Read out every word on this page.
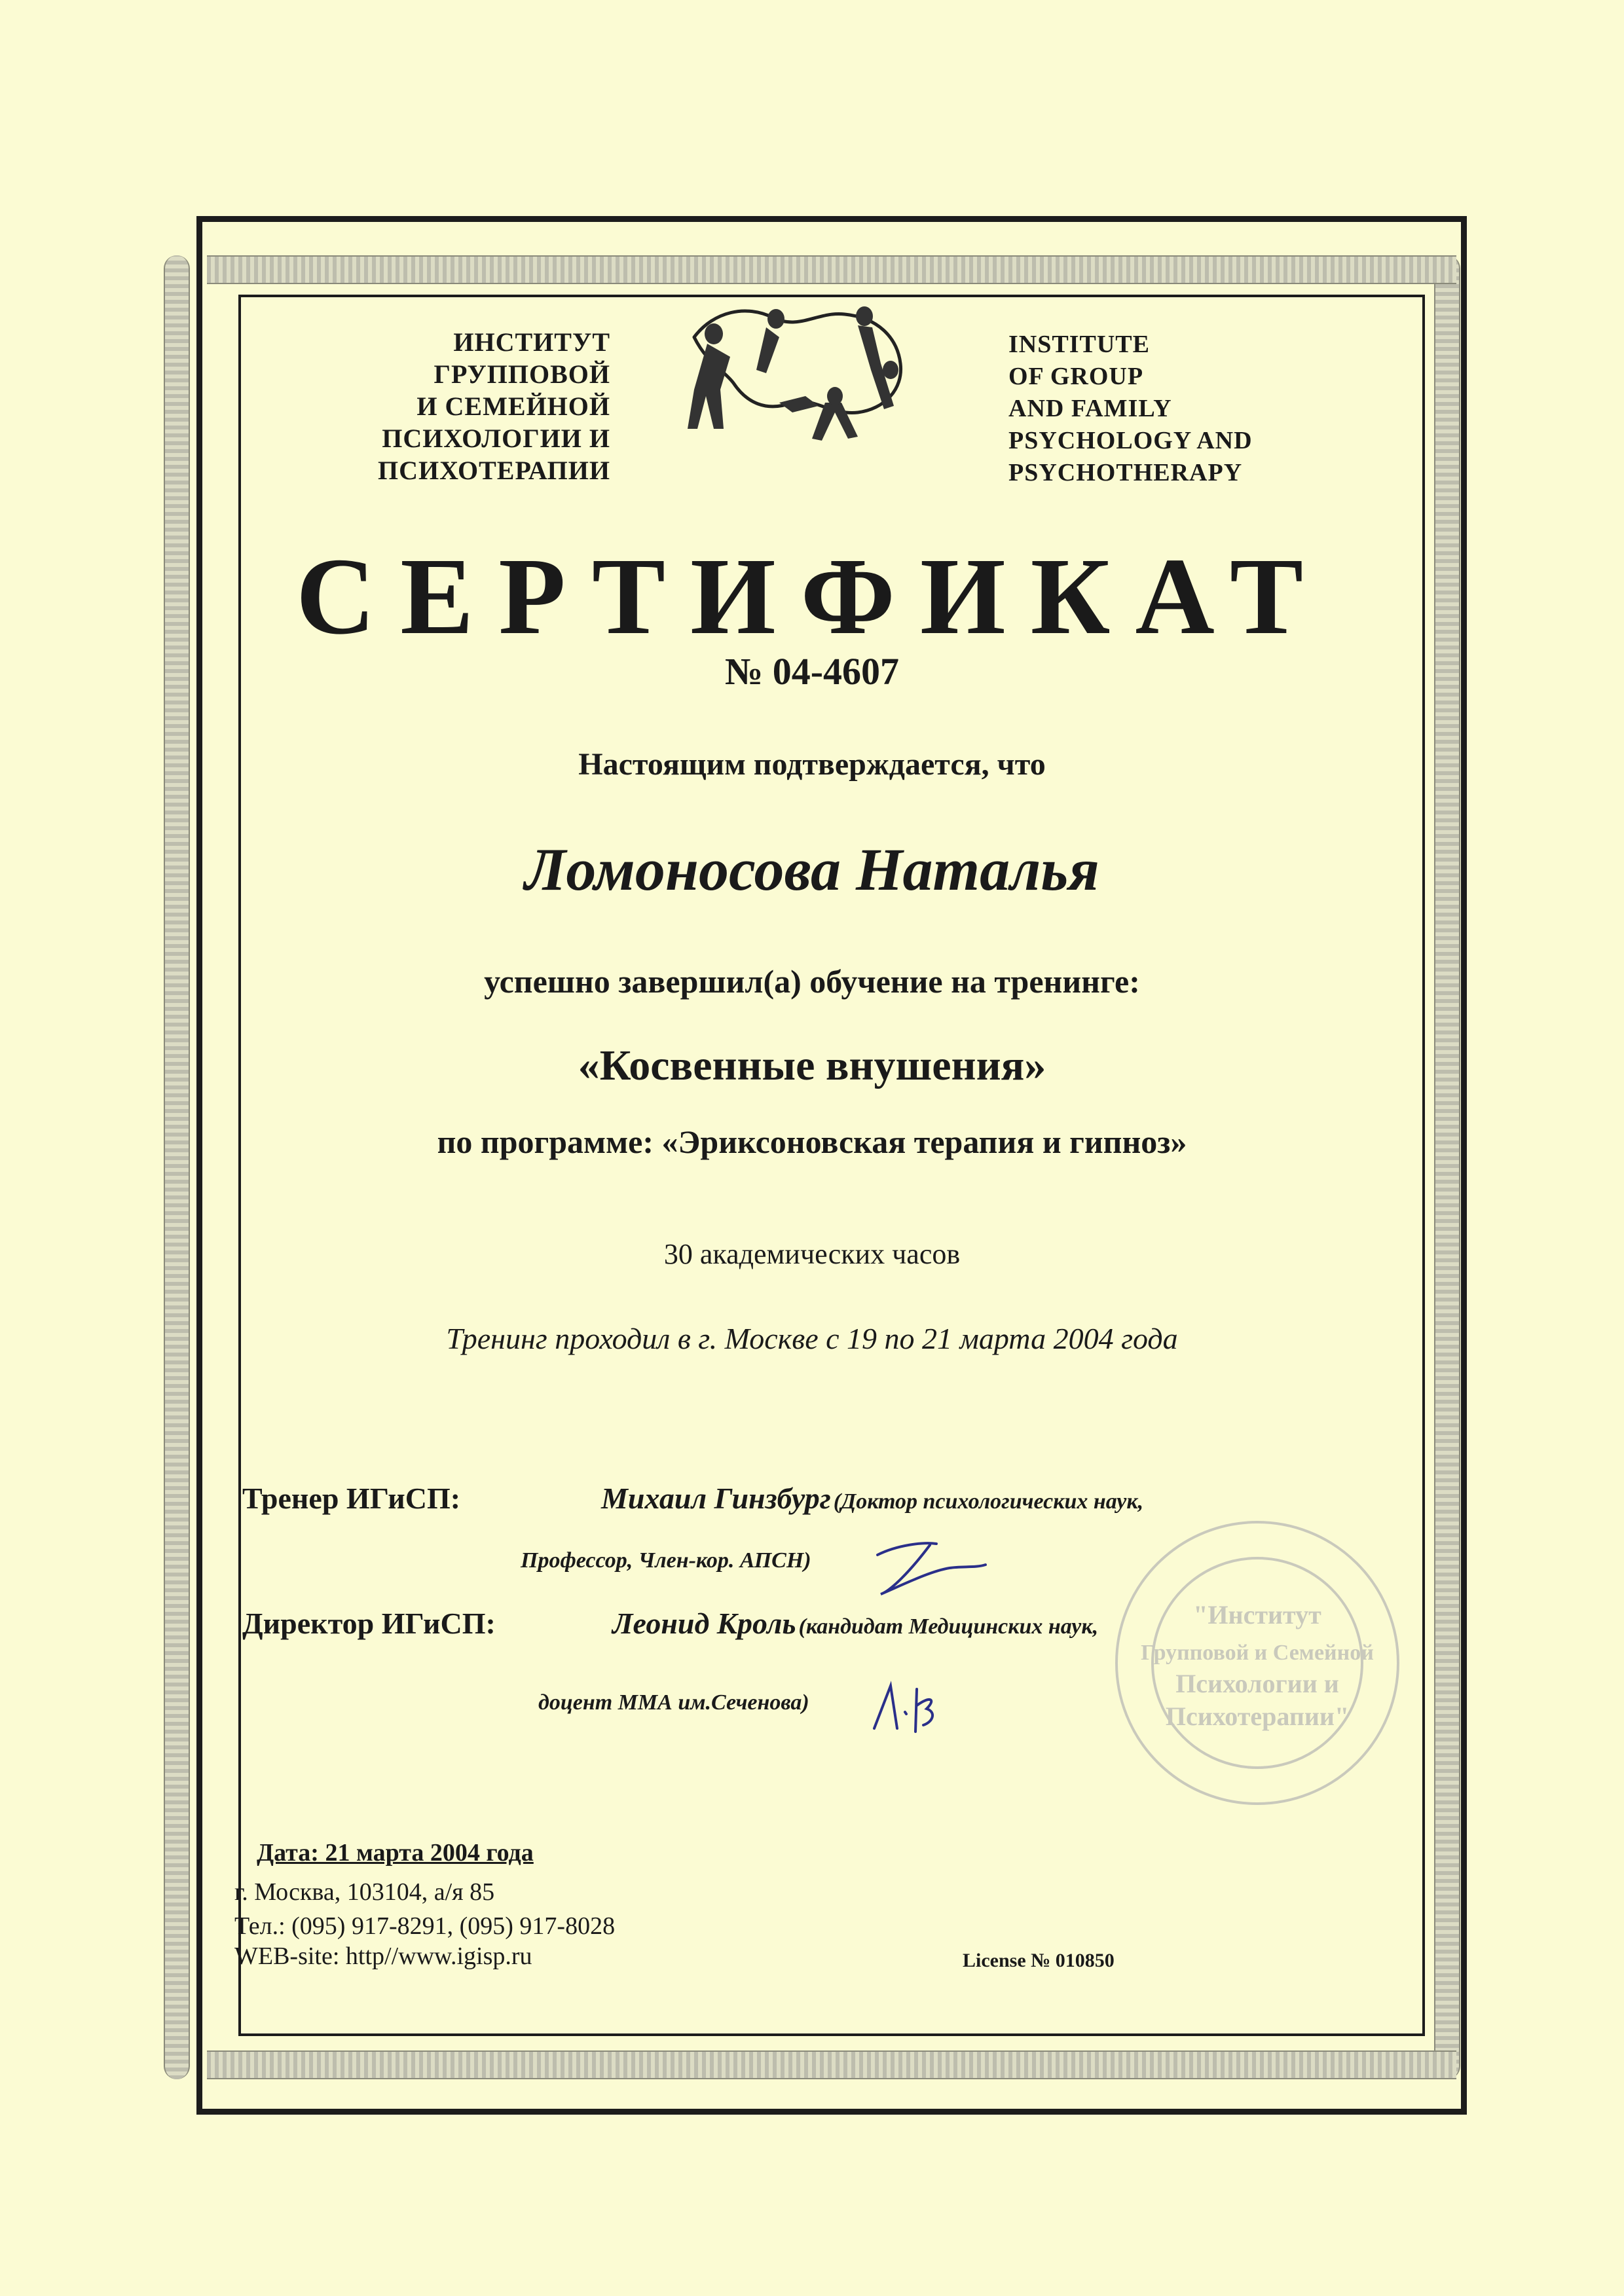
ИНСТИТУТ
ГРУППОВОЙ
И СЕМЕЙНОЙ
ПСИХОЛОГИИ И
ПСИХОТЕРАПИИ
INSTITUTE
OF GROUP
AND FAMILY
PSYCHOLOGY AND
PSYCHOTHERAPY
СЕРТИФИКАТ
№ 04-4607
Настоящим подтверждается, что
Ломоносова Наталья
успешно завершил(а) обучение на тренинге:
«Косвенные внушения»
по программе: «Эриксоновская терапия и гипноз»
30 академических часов
Тренинг проходил в г. Москве с 19 по 21 марта 2004 года
"Институт
Групповой и Семейной
Психологии и
Психотерапии"
Тренер ИГиСП:	Михаил Гинзбург (Доктор психологических наук,
Профессор, Член-кор. АПСН)
Директор ИГиСП:	Леонид Кроль (кандидат Медицинских наук,
доцент ММА им.Сеченова)
Дата: 21 марта 2004 года
г. Москва, 103104, а/я 85
Тел.: (095) 917-8291, (095) 917-8028
WEB-site: http//www.igisp.ru	License № 010850
